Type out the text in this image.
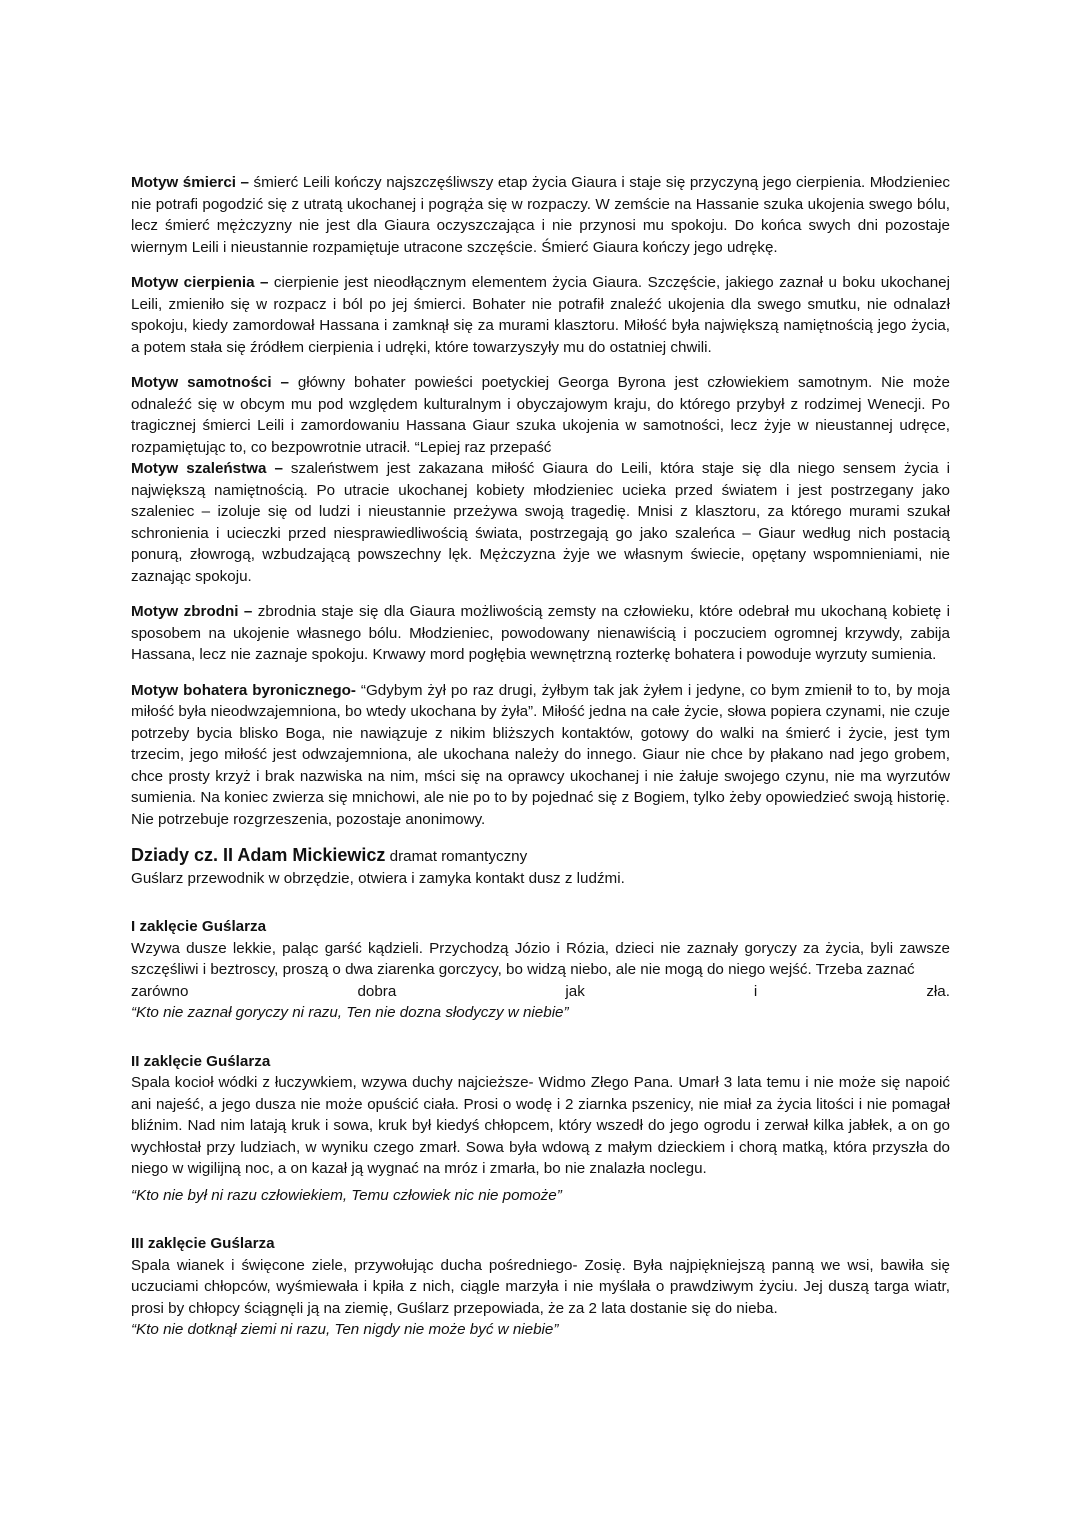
Motyw śmierci – śmierć Leili kończy najszczęśliwszy etap życia Giaura i staje się przyczyną jego cierpienia. Młodzieniec nie potrafi pogodzić się z utratą ukochanej i pogrąża się w rozpaczy. W zemście na Hassanie szuka ukojenia swego bólu, lecz śmierć mężczyzny nie jest dla Giaura oczyszczająca i nie przynosi mu spokoju. Do końca swych dni pozostaje wiernym Leili i nieustannie rozpamiętuje utracone szczęście. Śmierć Giaura kończy jego udrękę.

Motyw cierpienia – cierpienie jest nieodłącznym elementem życia Giaura. Szczęście, jakiego zaznał u boku ukochanej Leili, zmieniło się w rozpacz i ból po jej śmierci. Bohater nie potrafił znaleźć ukojenia dla swego smutku, nie odnalazł spokoju, kiedy zamordował Hassana i zamknął się za murami klasztoru. Miłość była największą namiętnością jego życia, a potem stała się źródłem cierpienia i udręki, które towarzyszyły mu do ostatniej chwili.

Motyw samotności – główny bohater powieści poetyckiej Georga Byrona jest człowiekiem samotnym. Nie może odnaleźć się w obcym mu pod względem kulturalnym i obyczajowym kraju, do którego przybył z rodzimej Wenecji. Po tragicznej śmierci Leili i zamordowaniu Hassana Giaur szuka ukojenia w samotności, lecz żyje w nieustannej udręce, rozpamiętując to, co bezpowrotnie utracił. “Lepiej raz przepaść

Motyw szaleństwa – szaleństwem jest zakazana miłość Giaura do Leili, która staje się dla niego sensem życia i największą namiętnością. Po utracie ukochanej kobiety młodzieniec ucieka przed światem i jest postrzegany jako szaleniec – izoluje się od ludzi i nieustannie przeżywa swoją tragedię. Mnisi z klasztoru, za którego murami szukał schronienia i ucieczki przed niesprawiedliwością świata, postrzegają go jako szaleńca – Giaur według nich postacią ponurą, złowrogą, wzbudzającą powszechny lęk. Mężczyzna żyje we własnym świecie, opętany wspomnieniami, nie zaznając spokoju.

Motyw zbrodni – zbrodnia staje się dla Giaura możliwością zemsty na człowieku, które odebrał mu ukochaną kobietę i sposobem na ukojenie własnego bólu. Młodzieniec, powodowany nienawiścią i poczuciem ogromnej krzywdy, zabija Hassana, lecz nie zaznaje spokoju. Krwawy mord pogłębia wewnętrzną rozterkę bohatera i powoduje wyrzuty sumienia.

Motyw bohatera byronicznego- “Gdybym żył po raz drugi, żyłbym tak jak żyłem i jedyne, co bym zmienił to to, by moja miłość była nieodwzajemniona, bo wtedy ukochana by żyła”. Miłość jedna na całe życie, słowa popiera czynami, nie czuje potrzeby bycia blisko Boga, nie nawiązuje z nikim bliższych kontaktów, gotowy do walki na śmierć i życie, jest tym trzecim, jego miłość jest odwzajemniona, ale ukochana należy do innego. Giaur nie chce by płakano nad jego grobem, chce prosty krzyż i brak nazwiska na nim, mści się na oprawcy ukochanej i nie żałuje swojego czynu, nie ma wyrzutów sumienia. Na koniec zwierza się mnichowi, ale nie po to by pojednać się z Bogiem, tylko żeby opowiedzieć swoją historię. Nie potrzebuje rozgrzeszenia, pozostaje anonimowy.

Dziady cz. II Adam Mickiewicz dramat romantyczny

Guślarz przewodnik w obrzędzie, otwiera i zamyka kontakt dusz z ludźmi.

I zaklęcie Guślarza

Wzywa dusze lekkie, paląc garść kądzieli. Przychodzą Józio i Rózia, dzieci nie zaznały goryczy za życia, byli zawsze szczęśliwi i beztroscy, proszą o dwa ziarenka gorczycy, bo widzą niebo, ale nie mogą do niego wejść. Trzeba zaznać

zarówno	dobra	jak	i	zła.

“Kto nie zaznał goryczy ni razu, Ten nie dozna słodyczy w niebie”

II zaklęcie Guślarza

Spala kocioł wódki z łuczywkiem, wzywa duchy najcieższe- Widmo Złego Pana. Umarł 3 lata temu i nie może się napoić ani najeść, a jego dusza nie może opuścić ciała. Prosi o wodę i 2 ziarnka pszenicy, nie miał za życia litości i nie pomagał bliźnim. Nad nim latają kruk i sowa, kruk był kiedyś chłopcem, który wszedł do jego ogrodu i zerwał kilka jabłek, a on go wychłostał przy ludziach, w wyniku czego zmarł. Sowa była wdową z małym dzieckiem i chorą matką, która przyszła do niego w wigilijną noc, a on kazał ją wygnać na mróz i zmarła, bo nie znalazła noclegu.

“Kto nie był ni razu człowiekiem, Temu człowiek nic nie pomoże”

III zaklęcie Guślarza

Spala wianek i święcone ziele, przywołując ducha pośredniego- Zosię. Była najpiękniejszą panną we wsi, bawiła się uczuciami chłopców, wyśmiewała i kpiła z nich, ciągle marzyła i nie myślała o prawdziwym życiu. Jej duszą targa wiatr, prosi by chłopcy ściągnęli ją na ziemię, Guślarz przepowiada, że za 2 lata dostanie się do nieba.

“Kto nie dotknął ziemi ni razu, Ten nigdy nie może być w niebie”
